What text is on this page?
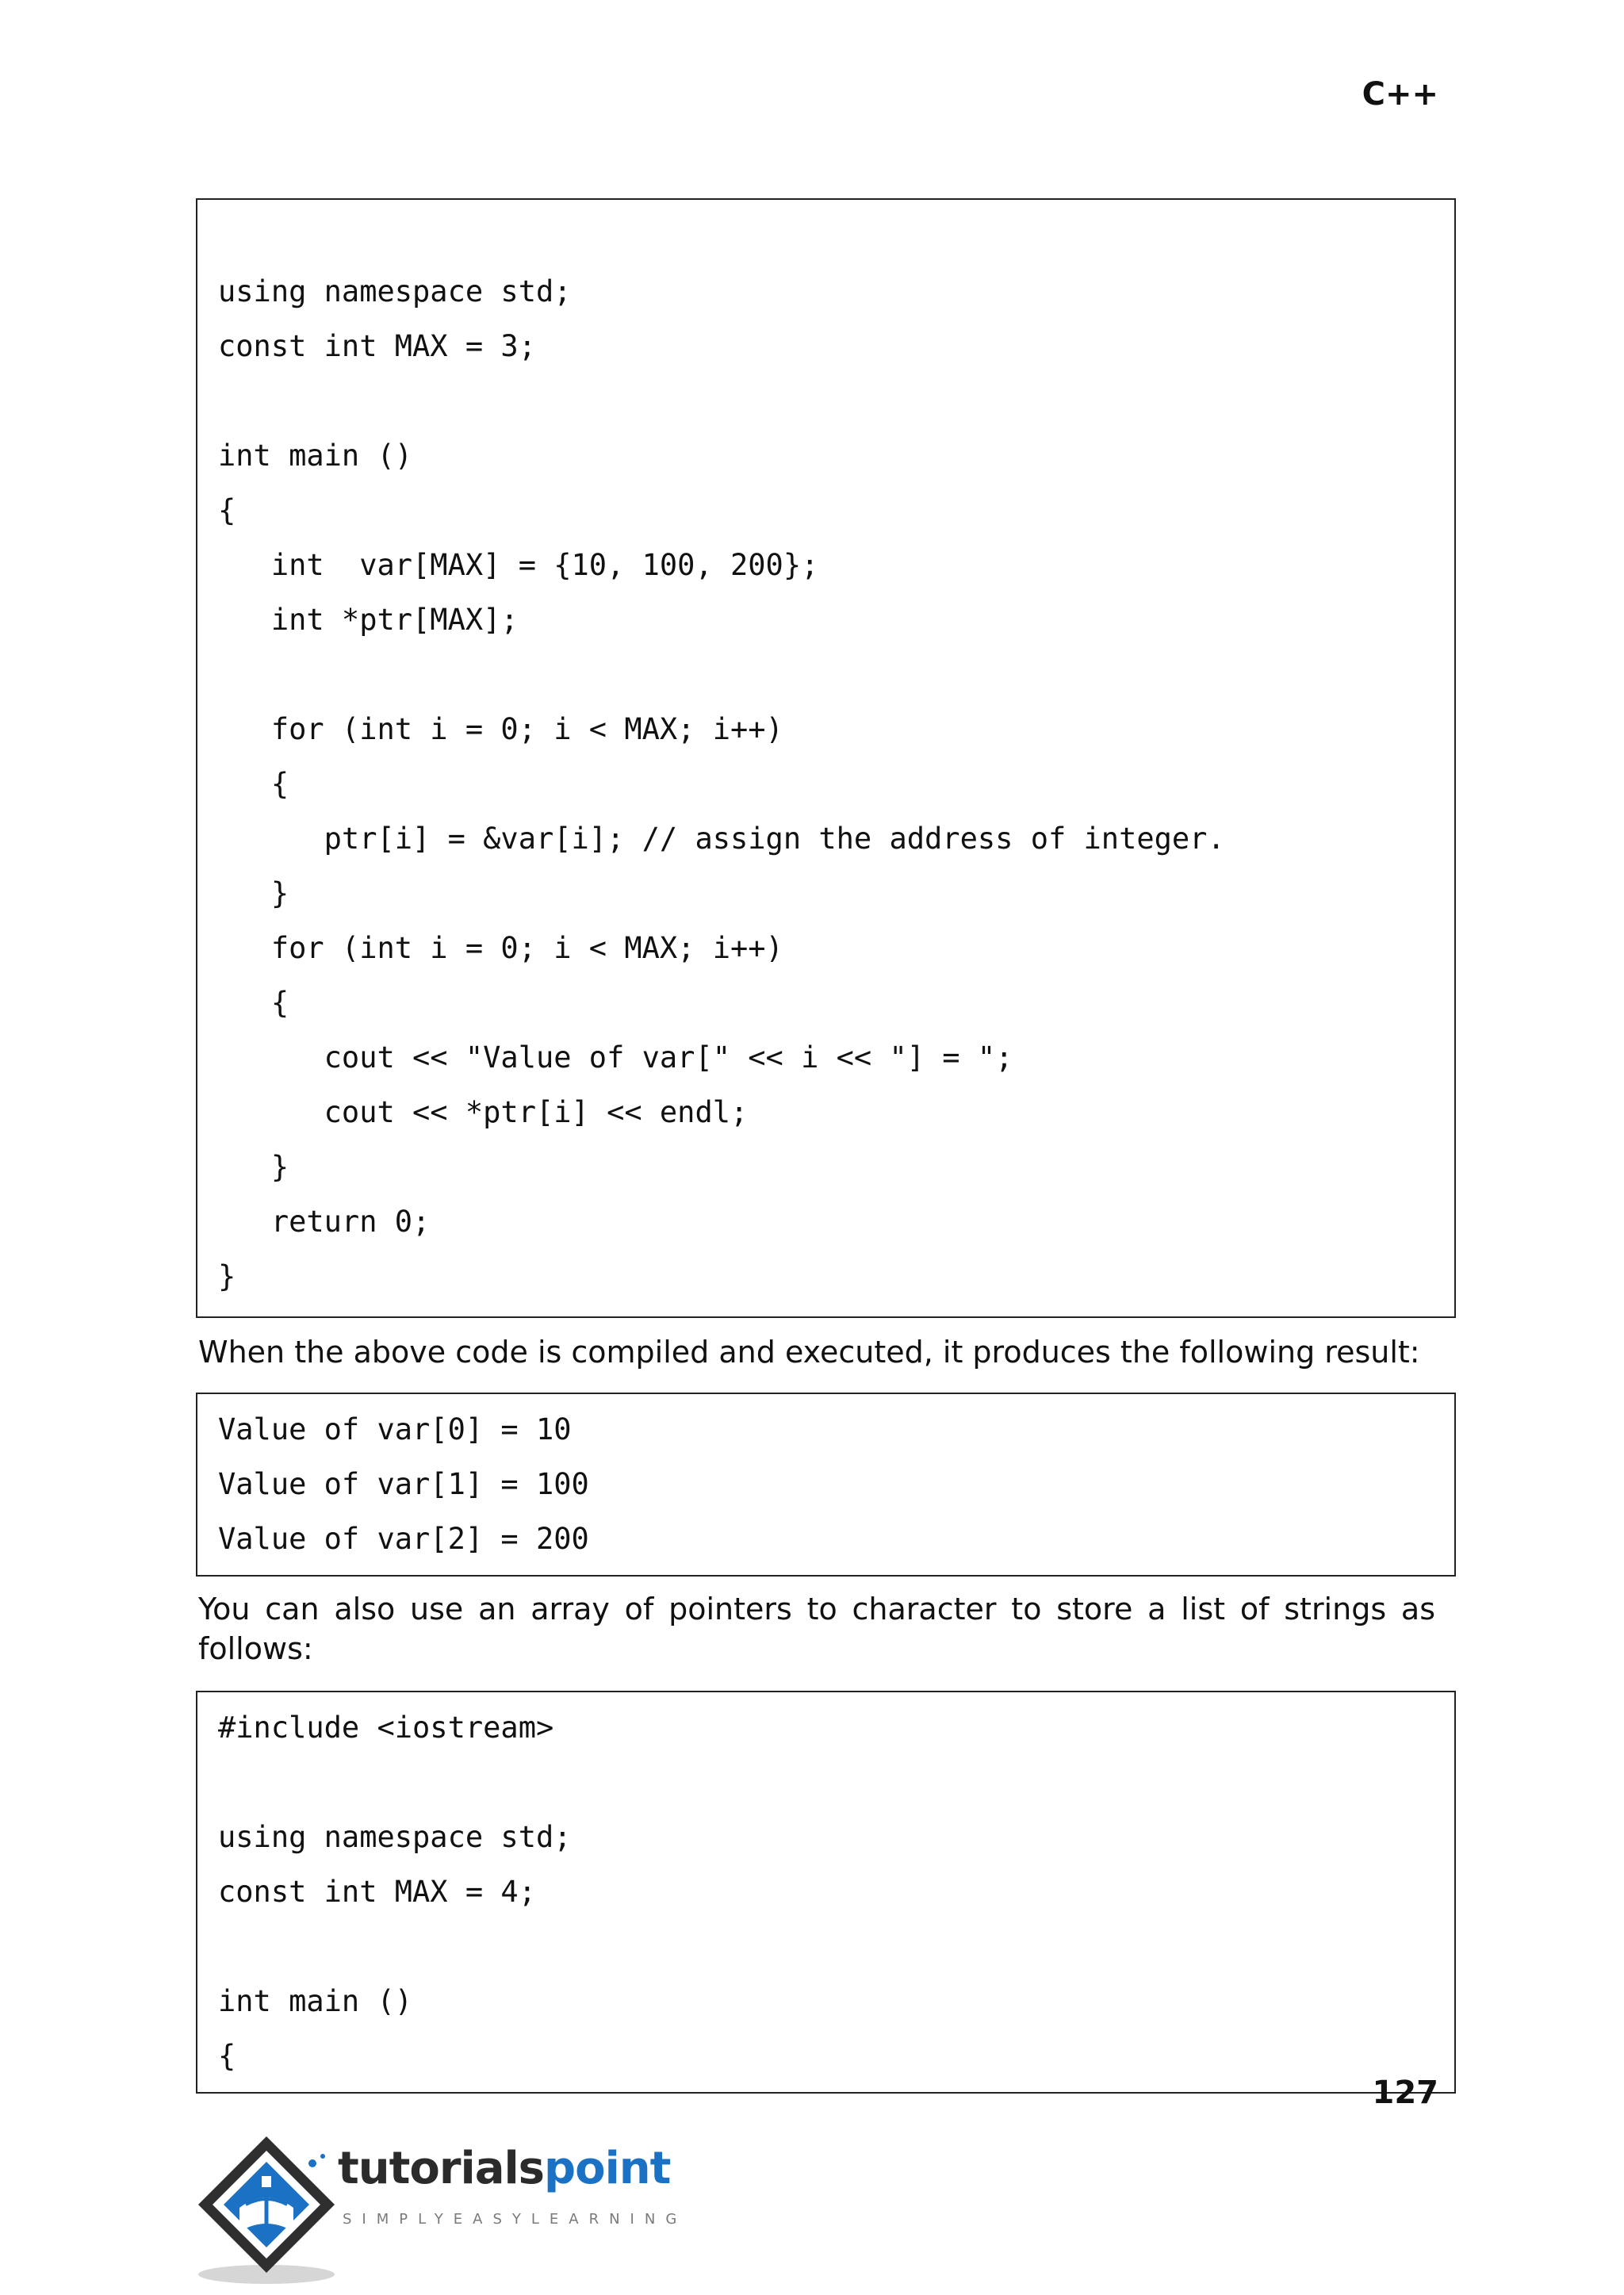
C++

using namespace std;
const int MAX = 3;

int main ()
{
int  var[MAX] = {10, 100, 200};
int *ptr[MAX];

for (int i = 0; i < MAX; i++)
{
ptr[i] = &var[i]; // assign the address of integer.
}
for (int i = 0; i < MAX; i++)
{
cout << "Value of var[" << i << "] = ";
cout << *ptr[i] << endl;
}
return 0;
}
When the above code is compiled and executed, it produces the following result:
Value of var[0] = 10
Value of var[1] = 100
Value of var[2] = 200
You can also use an array of pointers to character to store a list of strings as follows:
#include <iostream>

using namespace std;
const int MAX = 4;

int main ()
{
127
tutorialspoint
SIMPLYEASYLEARNING
